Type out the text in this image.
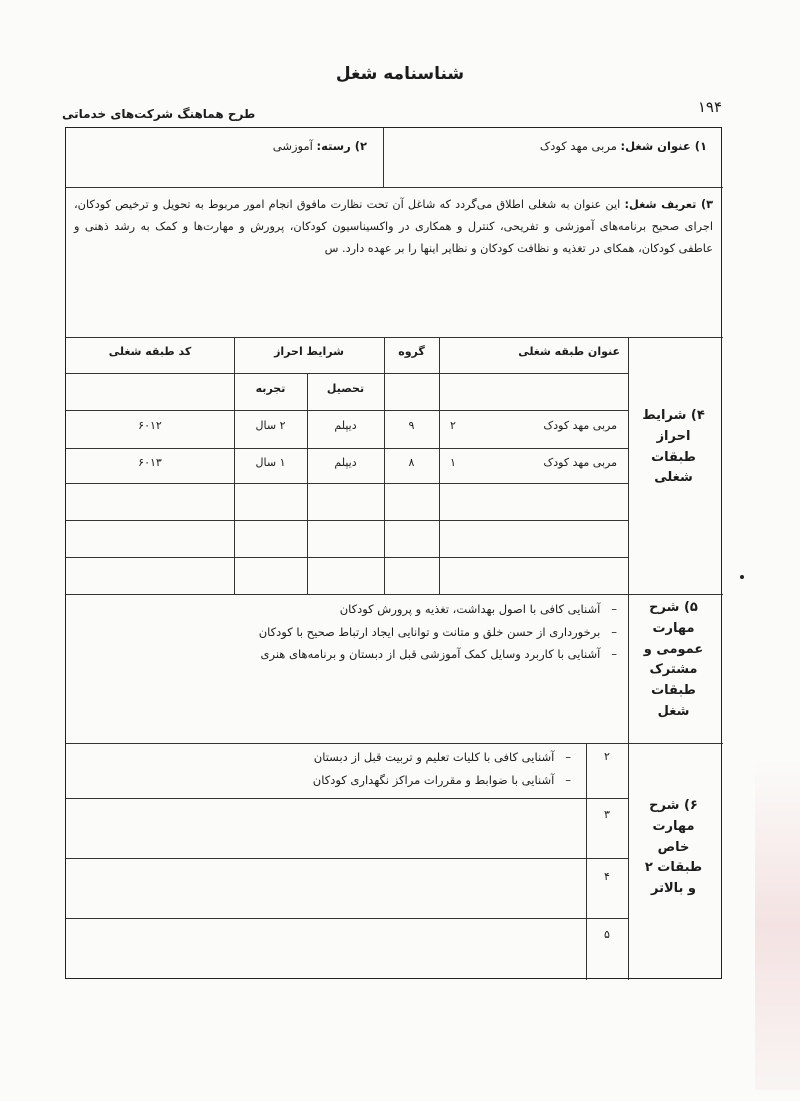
شناسنامه شغل
۱۹۴
طرح هماهنگ شرکت‌های خدماتی
۱) عنوان شغل: مربی مهد کودک
۲) رسته: آموزشی
۳) تعریف شغل: این عنوان به شغلی اطلاق می‌گردد که شاغل آن تحت نظارت مافوق انجام امور مربوط به تحویل و ترخیص کودکان، اجرای صحیح برنامه‌های آموزشی و تفریحی، کنترل و همکاری در واکسیناسیون کودکان، پرورش و مهارت‌ها و کمک به رشد ذهنی و عاطفی کودکان، همکای در تغذیه و نظافت کودکان و نظایر اینها را بر عهده دارد. س
۴) شرایط
احراز
طبقات
شغلی
عنوان طبقه شغلی
گروه
شرایط احراز
تحصیل
تجربه
کد طبقه شغلی
مربی مهد کودک
۲
۹
دیپلم
۲ سال
۶۰۱۲
مربی مهد کودک
۱
۸
دیپلم
۱ سال
۶۰۱۳
۵) شرح
مهارت
عمومی و
مشترک
طبقات
شغل
–   آشنایی کافی با اصول بهداشت، تغذیه و پرورش کودکان
–   برخورداری از حسن خلق و متانت و توانایی ایجاد ارتباط صحیح با کودکان
–   آشنایی با کاربرد وسایل کمک آموزشی قبل از دبستان و برنامه‌های هنری
۶) شرح
مهارت
خاص
طبقات ۲
و بالاتر
۲
۳
۴
۵
–   آشنایی کافی با کلیات تعلیم و تربیت قبل از دبستان
–   آشنایی با ضوابط و مقررات مراکز نگهداری کودکان
